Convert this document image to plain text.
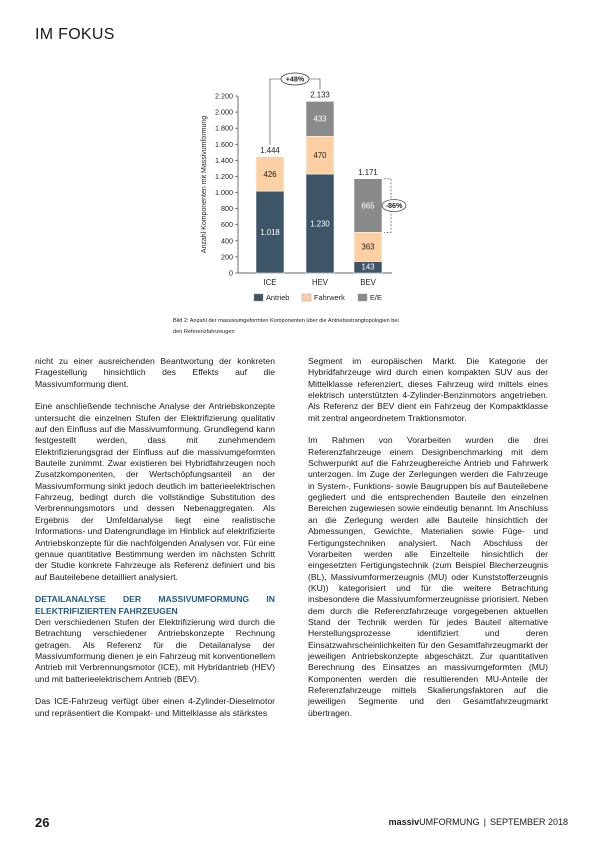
IM FOKUS
0
200
400
600
800
1.000
1.200
1.400
1.600
1.800
2.000
2.200
Anzahl Komponenten mit Massivumformung	1.018
426
1.444
ICE
1.230
470
433
2.133
HEV
143
363
665
1.171
BEV
+48%
-86%
Antrieb	Fahrwerk	E/E
Bild 2: Anzahl der massivumgeformten Komponenten über die Antriebsstrangtopologien bei den Referenzfahrzeugen

nicht zu einer ausreichenden Beantwortung der konkreten Fragestellung hinsichtlich des Effekts auf die Massivumformung dient.

Eine anschließende technische Analyse der Antriebskonzepte untersucht die einzelnen Stufen der Elektrifizierung qualitativ auf den Einfluss auf die Massivumformung. Grundlegend kann festgestellt werden, dass mit zunehmendem Elektrifizierungsgrad der Einfluss auf die massivumgeformten Bauteile zunimmt. Zwar existieren bei Hybridfahrzeugen noch Zusatzkomponenten, der Wertschöpfungsanteil an der Massivumformung sinkt jedoch deutlich im batterieelektrischen Fahrzeug, bedingt durch die vollständige Substitution des Verbrennungsmotors und dessen Nebenaggregaten. Als Ergebnis der Umfeldanalyse liegt eine realistische Informations- und Datengrundlage im Hinblick auf elektrifizierte Antriebskonzepte für die nachfolgenden Analysen vor. Für eine genaue quantitative Bestimmung werden im nächsten Schritt der Studie konkrete Fahrzeuge als Referenz definiert und bis auf Bauteilebene detailliert analysiert.

DETAILANALYSE DER MASSIVUMFORMUNG IN ELEKTRIFIZIERTEN FAHRZEUGEN

Den verschiedenen Stufen der Elektrifizierung wird durch die Betrachtung verschiedener Antriebskonzepte Rechnung getragen. Als Referenz für die Detailanalyse der Massivumformung dienen je ein Fahrzeug mit konventionellem Antrieb mit Verbrennungsmotor (ICE), mit Hybridantrieb (HEV) und mit batterieelektrischem Antrieb (BEV).

Das ICE-Fahrzeug verfügt über einen 4-Zylinder-Dieselmotor und repräsentiert die Kompakt- und Mittelklasse als stärkstes

Segment im europäischen Markt. Die Kategorie der Hybridfahrzeuge wird durch einen kompakten SUV aus der Mittelklasse referenziert, dieses Fahrzeug wird mittels eines elektrisch unterstützten 4-Zylinder-Benzinmotors angetrieben. Als Referenz der BEV dient ein Fahrzeug der Kompaktklasse mit zentral angeordnetem Traktionsmotor.

Im Rahmen von Vorarbeiten wurden die drei Referenzfahrzeuge einem Designbenchmarking mit dem Schwerpunkt auf die Fahrzeugbereiche Antrieb und Fahrwerk unterzogen. Im Zuge der Zerlegungen werden die Fahrzeuge in System-, Funktions- sowie Baugruppen bis auf Bauteilebene gegliedert und die entsprechenden Bauteile den einzelnen Bereichen zugewiesen sowie eindeutig benannt. Im Anschluss an die Zerlegung werden alle Bauteile hinsichtlich der Abmessungen, Gewichte, Materialien sowie Füge- und Fertigungstechniken analysiert. Nach Abschluss der Vorarbeiten werden alle Einzelteile hinsichtlich der eingesetzten Fertigungstechnik (zum Beispiel Blecherzeugnis (BL), Massivumformerzeugnis (MU) oder Kunststofferzeugnis (KU)) kategorisiert und für die weitere Betrachtung insbesondere die Massivumformerzeugnisse priorisiert. Neben dem durch die Referenzfahrzeuge vorgegebenen aktuellen Stand der Technik werden für jedes Bauteil alternative Herstellungsprozesse identifiziert und deren Einsatzwahrscheinlichkeiten für den Gesamtfahrzeugmarkt der jeweiligen Antriebskonzepte abgeschätzt. Zur quantitativen Berechnung des Einsatzes an massivumgeformten (MU) Komponenten werden die resultierenden MU-Anteile der Referenzfahrzeuge mittels Skalierungsfaktoren auf die jeweiligen Segmente und den Gesamtfahrzeugmarkt übertragen.

26	massivUMFORMUNG | SEPTEMBER 2018
